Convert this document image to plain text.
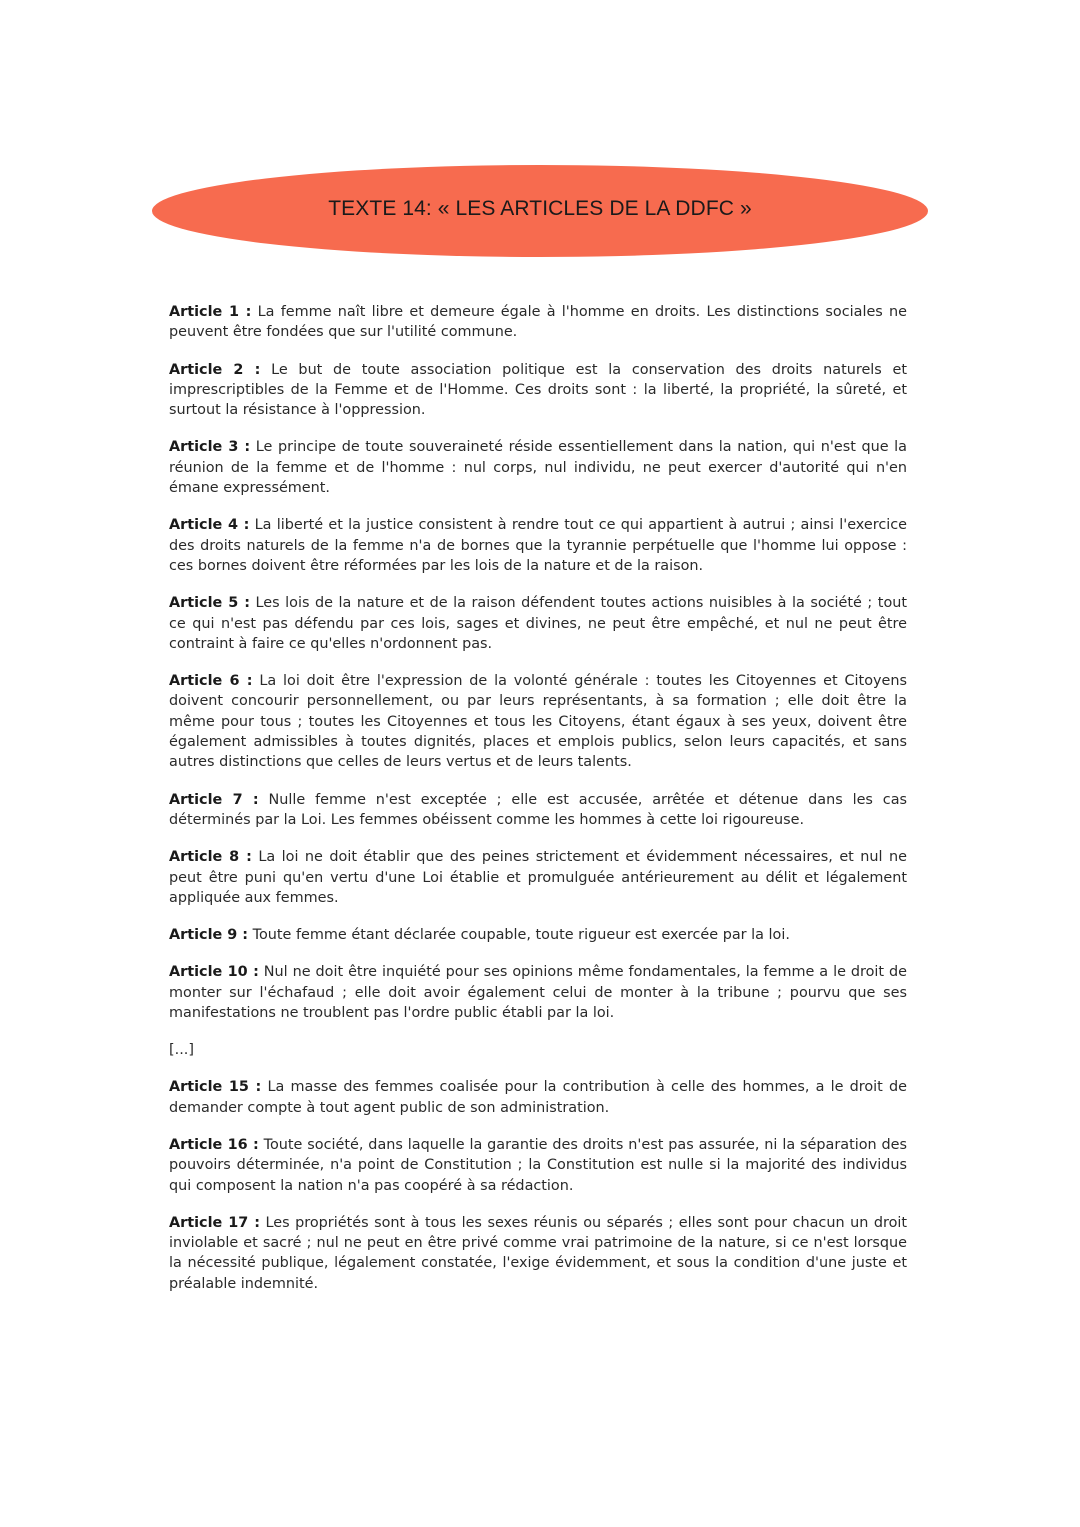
TEXTE 14: « LES ARTICLES DE LA DDFC »

Article 1 : La femme naît libre et demeure égale à l'homme en droits. Les distinctions sociales ne peuvent être fondées que sur l'utilité commune.

Article 2 : Le but de toute association politique est la conservation des droits naturels et imprescriptibles de la Femme et de l'Homme. Ces droits sont : la liberté, la propriété, la sûreté, et surtout la résistance à l'oppression.

Article 3 : Le principe de toute souveraineté réside essentiellement dans la nation, qui n'est que la réunion de la femme et de l'homme : nul corps, nul individu, ne peut exercer d'autorité qui n'en émane expressément.

Article 4 : La liberté et la justice consistent à rendre tout ce qui appartient à autrui ; ainsi l'exercice des droits naturels de la femme n'a de bornes que la tyrannie perpétuelle que l'homme lui oppose : ces bornes doivent être réformées par les lois de la nature et de la raison.

Article 5 : Les lois de la nature et de la raison défendent toutes actions nuisibles à la société ; tout ce qui n'est pas défendu par ces lois, sages et divines, ne peut être empêché, et nul ne peut être contraint à faire ce qu'elles n'ordonnent pas.

Article 6 : La loi doit être l'expression de la volonté générale : toutes les Citoyennes et Citoyens doivent concourir personnellement, ou par leurs représentants, à sa formation ; elle doit être la même pour tous ; toutes les Citoyennes et tous les Citoyens, étant égaux à ses yeux, doivent être également admissibles à toutes dignités, places et emplois publics, selon leurs capacités, et sans autres distinctions que celles de leurs vertus et de leurs talents.

Article 7 : Nulle femme n'est exceptée ; elle est accusée, arrêtée et détenue dans les cas déterminés par la Loi. Les femmes obéissent comme les hommes à cette loi rigoureuse.

Article 8 : La loi ne doit établir que des peines strictement et évidemment nécessaires, et nul ne peut être puni qu'en vertu d'une Loi établie et promulguée antérieurement au délit et légalement appliquée aux femmes.

Article 9 : Toute femme étant déclarée coupable, toute rigueur est exercée par la loi.

Article 10 : Nul ne doit être inquiété pour ses opinions même fondamentales, la femme a le droit de monter sur l'échafaud ; elle doit avoir également celui de monter à la tribune ; pourvu que ses manifestations ne troublent pas l'ordre public établi par la loi.

[...]

Article 15 : La masse des femmes coalisée pour la contribution à celle des hommes, a le droit de demander compte à tout agent public de son administration.

Article 16 : Toute société, dans laquelle la garantie des droits n'est pas assurée, ni la séparation des pouvoirs déterminée, n'a point de Constitution ; la Constitution est nulle si la majorité des individus qui composent la nation n'a pas coopéré à sa rédaction.

Article 17 : Les propriétés sont à tous les sexes réunis ou séparés ; elles sont pour chacun un droit inviolable et sacré ; nul ne peut en être privé comme vrai patrimoine de la nature, si ce n'est lorsque la nécessité publique, légalement constatée, l'exige évidemment, et sous la condition d'une juste et préalable indemnité.
